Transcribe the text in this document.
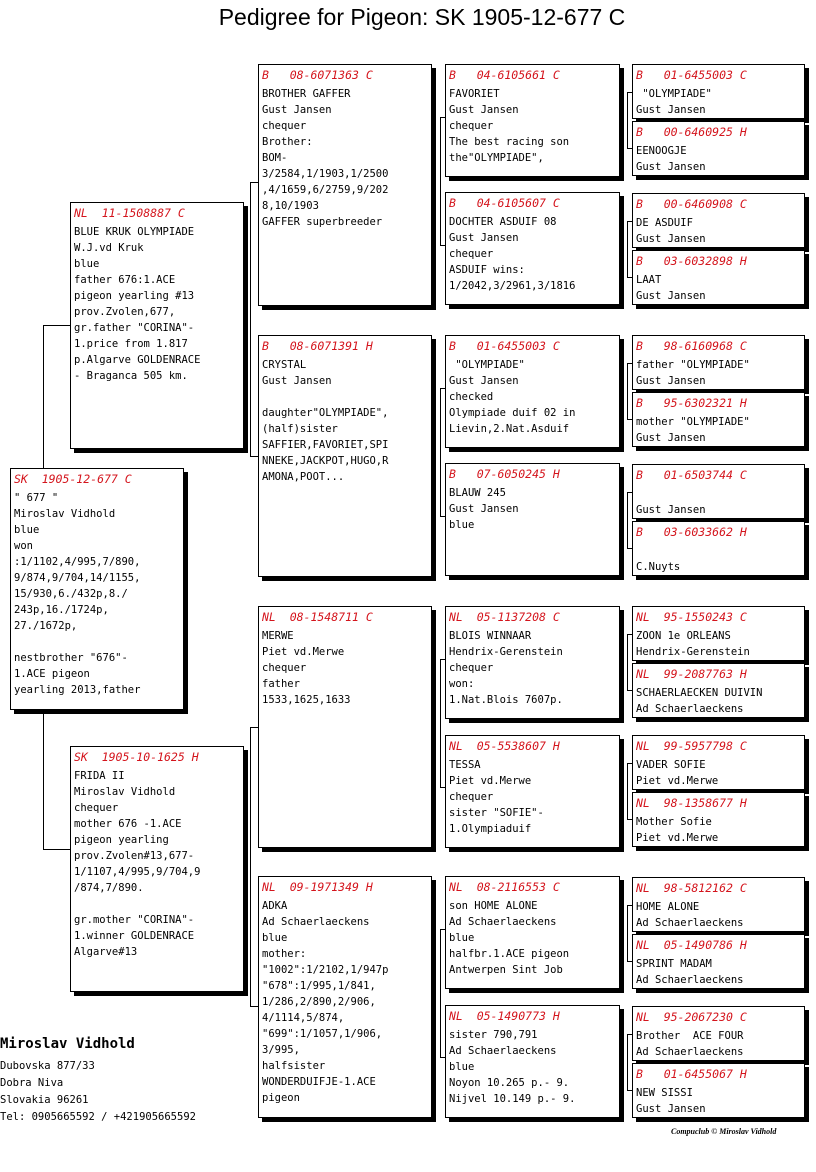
Pedigree for Pigeon: SK 1905-12-677 C
SK  1905-12-677 C
" 677 "
Miroslav Vidhold
blue
won
:1/1102,4/995,7/890,
9/874,9/704,14/1155,
15/930,6./432p,8./
243p,16./1724p,
27./1672p,
nestbrother "676"-
1.ACE pigeon
yearling 2013,father
NL  11-1508887 C
BLUE KRUK OLYMPIADE
W.J.vd Kruk
blue
father 676:1.ACE
pigeon yearling #13
prov.Zvolen,677,
gr.father "CORINA"-
1.price from 1.817
p.Algarve GOLDENRACE
- Braganca 505 km.
SK  1905-10-1625 H
FRIDA II
Miroslav Vidhold
chequer
mother 676 -1.ACE
pigeon yearling
prov.Zvolen#13,677-
1/1107,4/995,9/704,9
/874,7/890.
gr.mother "CORINA"-
1.winner GOLDENRACE
Algarve#13
B   08-6071363 C
BROTHER GAFFER
Gust Jansen
chequer
Brother:
BOM-
3/2584,1/1903,1/2500
,4/1659,6/2759,9/202
8,10/1903
GAFFER superbreeder
B   08-6071391 H
CRYSTAL
Gust Jansen
daughter"OLYMPIADE",
(half)sister
SAFFIER,FAVORIET,SPI
NNEKE,JACKPOT,HUGO,R
AMONA,POOT...
NL  08-1548711 C
MERWE
Piet vd.Merwe
chequer
father
1533,1625,1633
NL  09-1971349 H
ADKA
Ad Schaerlaeckens
blue
mother:
"1002":1/2102,1/947p
"678":1/995,1/841,
1/286,2/890,2/906,
4/1114,5/874,
"699":1/1057,1/906,
3/995,
halfsister
WONDERDUIFJE-1.ACE
pigeon
B   04-6105661 C
FAVORIET
Gust Jansen
chequer
The best racing son
the"OLYMPIADE",
B   04-6105607 C
DOCHTER ASDUIF 08
Gust Jansen
chequer
ASDUIF wins:
1/2042,3/2961,3/1816
B   01-6455003 C
"OLYMPIADE"
Gust Jansen
checked
Olympiade duif 02 in
Lievin,2.Nat.Asduif
B   07-6050245 H
BLAUW 245
Gust Jansen
blue
NL  05-1137208 C
BLOIS WINNAAR
Hendrix-Gerenstein
chequer
won:
1.Nat.Blois 7607p.
NL  05-5538607 H
TESSA
Piet vd.Merwe
chequer
sister "SOFIE"-
1.Olympiaduif
NL  08-2116553 C
son HOME ALONE
Ad Schaerlaeckens
blue
halfbr.1.ACE pigeon
Antwerpen Sint Job
NL  05-1490773 H
sister 790,791
Ad Schaerlaeckens
blue
Noyon 10.265 p.- 9.
Nijvel 10.149 p.- 9.
B   01-6455003 C
"OLYMPIADE"
Gust Jansen
B   00-6460925 H
EENOOGJE
Gust Jansen
B   00-6460908 C
DE ASDUIF
Gust Jansen
B   03-6032898 H
LAAT
Gust Jansen
B   98-6160968 C
father "OLYMPIADE"
Gust Jansen
B   95-6302321 H
mother "OLYMPIADE"
Gust Jansen
B   01-6503744 C
Gust Jansen
B   03-6033662 H
C.Nuyts
NL  95-1550243 C
ZOON 1e ORLEANS
Hendrix-Gerenstein
NL  99-2087763 H
SCHAERLAECKEN DUIVIN
Ad Schaerlaeckens
NL  99-5957798 C
VADER SOFIE
Piet vd.Merwe
NL  98-1358677 H
Mother Sofie
Piet vd.Merwe
NL  98-5812162 C
HOME ALONE
Ad Schaerlaeckens
NL  05-1490786 H
SPRINT MADAM
Ad Schaerlaeckens
NL  95-2067230 C
Brother  ACE FOUR
Ad Schaerlaeckens
B   01-6455067 H
NEW SISSI
Gust Jansen
Miroslav Vidhold
Dubovska 877/33
Dobra Niva
Slovakia 96261
Tel: 0905665592 / +421905665592
Compuclub © Miroslav Vidhold
